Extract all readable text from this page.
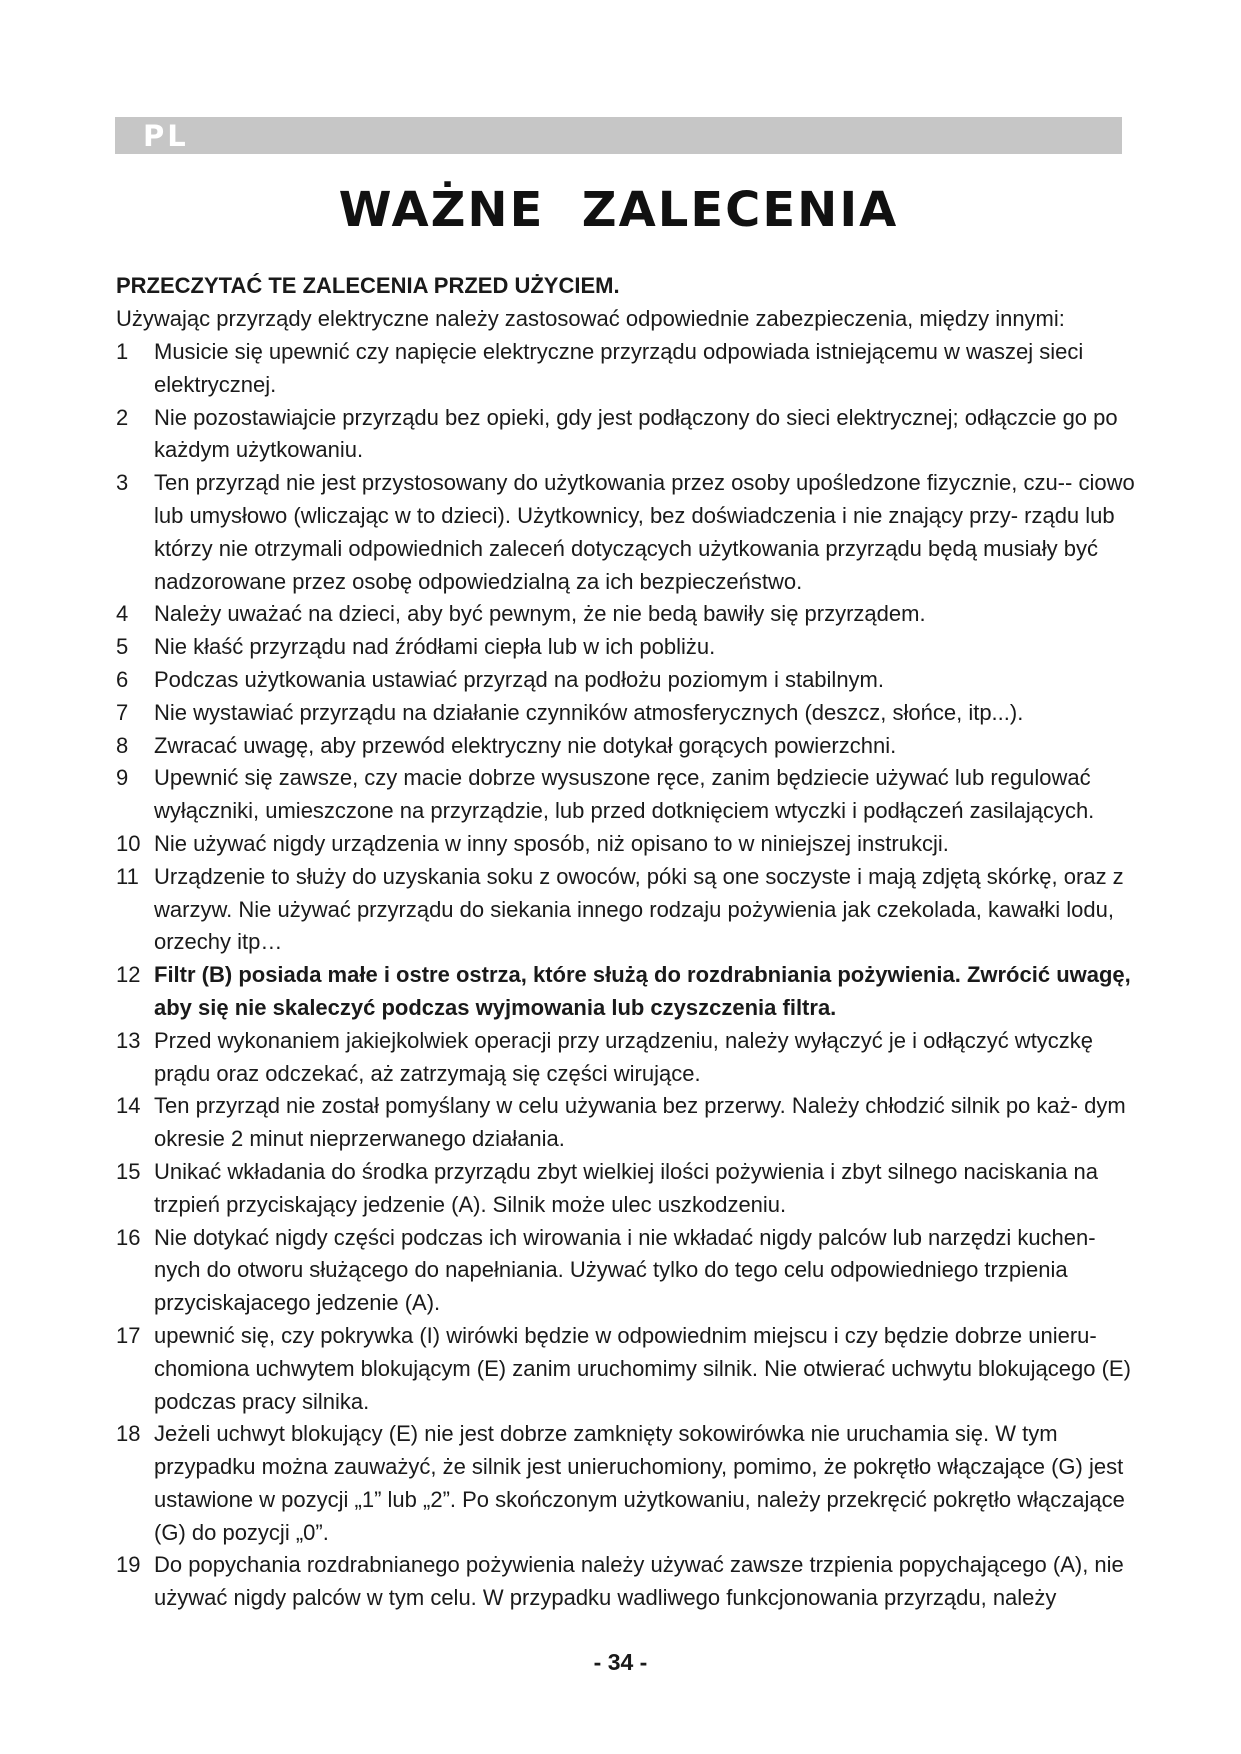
PL
WAŻNE  ZALECENIA
PRZECZYTAĆ TE ZALECENIA PRZED UŻYCIEM.
Używając przyrządy elektryczne należy zastosować odpowiednie zabezpieczenia, między innymi:
1 Musicie się upewnić czy napięcie elektryczne przyrządu odpowiada istniejącemu w waszej sieci elektrycznej.
2 Nie pozostawiajcie przyrządu bez opieki, gdy jest podłączony do sieci elektrycznej; odłączcie go po każdym użytkowaniu.
3 Ten przyrząd nie jest przystosowany do użytkowania przez osoby upośledzone fizycznie, czu-- ciowo lub umysłowo (wliczając w to dzieci). Użytkownicy, bez doświadczenia i nie znający przy- rządu lub którzy nie otrzymali odpowiednich zaleceń dotyczących użytkowania przyrządu będą musiały być nadzorowane przez osobę odpowiedzialną za ich bezpieczeństwo.
4 Należy uważać na dzieci, aby być pewnym, że nie bedą bawiły się przyrządem.
5 Nie kłaść przyrządu nad źródłami ciepła lub w ich pobliżu.
6 Podczas użytkowania ustawiać przyrząd na podłożu poziomym i stabilnym.
7 Nie wystawiać przyrządu na działanie czynników atmosferycznych (deszcz, słońce, itp...).
8 Zwracać uwagę, aby przewód elektryczny nie dotykał gorących powierzchni.
9 Upewnić się zawsze, czy macie dobrze wysuszone ręce, zanim będziecie używać lub regulować wyłączniki, umieszczone na przyrządzie, lub przed dotknięciem wtyczki i podłączeń zasilających.
10 Nie używać nigdy urządzenia w inny sposób, niż opisano to w niniejszej instrukcji.
11 Urządzenie to służy do uzyskania soku z owoców, póki są one soczyste i mają zdjętą skórkę, oraz z warzyw. Nie używać przyrządu do siekania innego rodzaju pożywienia jak czekolada, kawałki lodu, orzechy itp…
12 Filtr (B) posiada małe i ostre ostrza, które służą do rozdrabniania pożywienia. Zwrócić uwagę, aby się nie skaleczyć podczas wyjmowania lub czyszczenia filtra.
13 Przed wykonaniem jakiejkolwiek operacji przy urządzeniu, należy wyłączyć je i odłączyć wtyczkę prądu oraz odczekać, aż zatrzymają się części wirujące.
14 Ten przyrząd nie został pomyślany w celu używania bez przerwy. Należy chłodzić silnik po każ- dym okresie 2 minut nieprzerwanego działania.
15 Unikać wkładania do środka przyrządu zbyt wielkiej ilości pożywienia i zbyt silnego naciskania na trzpień przyciskający jedzenie (A). Silnik może ulec uszkodzeniu.
16 Nie dotykać nigdy części podczas ich wirowania i nie wkładać nigdy palców lub narzędzi kuchen- nych do otworu służącego do napełniania. Używać tylko do tego celu odpowiedniego trzpienia przyciskajacego jedzenie (A).
17 upewnić się, czy pokrywka (I) wirówki będzie w odpowiednim miejscu i czy będzie dobrze unieru- chomiona uchwytem blokującym (E) zanim uruchomimy silnik. Nie otwierać uchwytu blokującego (E) podczas pracy silnika.
18 Jeżeli uchwyt blokujący (E) nie jest dobrze zamknięty sokowirówka nie uruchamia się. W tym przypadku można zauważyć, że silnik jest unieruchomiony, pomimo, że pokrętło włączające (G) jest ustawione w pozycji „1” lub „2”. Po skończonym użytkowaniu, należy przekręcić pokrętło włączające (G) do pozycji „0”.
19 Do popychania rozdrabnianego pożywienia należy używać zawsze trzpienia popychającego (A), nie używać nigdy palców w tym celu. W przypadku wadliwego funkcjonowania przyrządu, należy
- 34 -
